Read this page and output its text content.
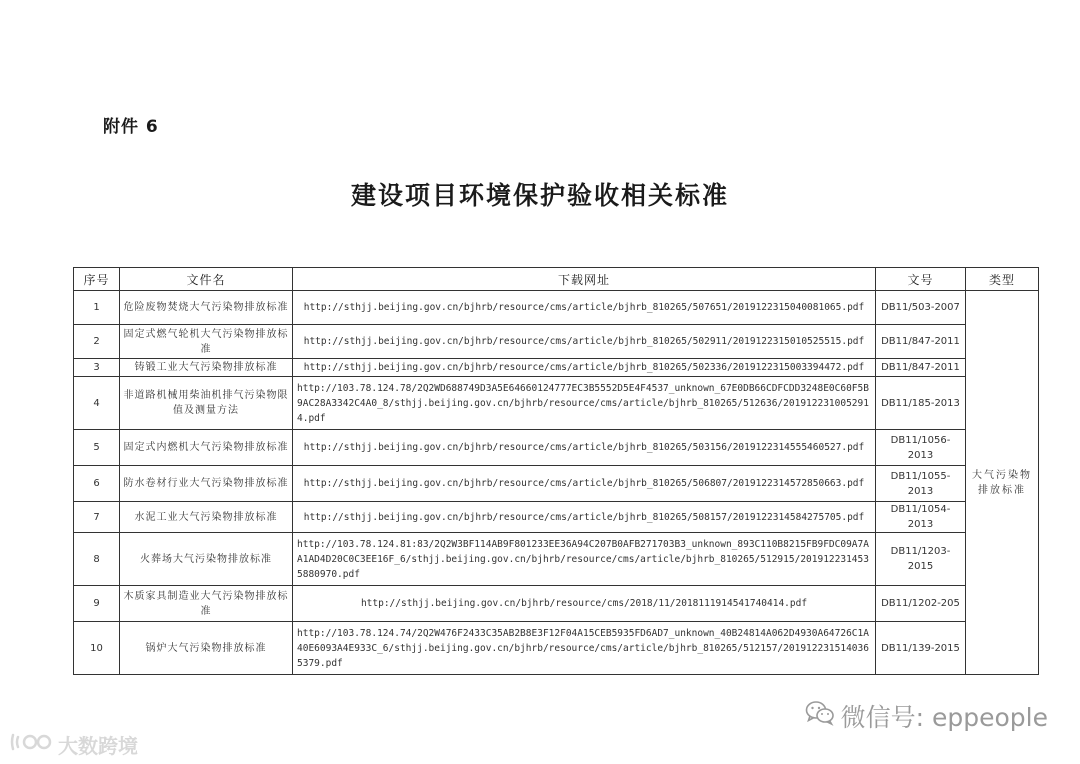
附件 6
建设项目环境保护验收相关标准
序号	文件名	下载网址	文号	类型
1	危险废物焚烧大气污染物排放标准	http://sthjj.beijing.gov.cn/bjhrb/resource/cms/article/bjhrb_810265/507651/2019122315040081065.pdf	DB11/503-2007	大气污染物排放标准
2	固定式燃气轮机大气污染物排放标准	http://sthjj.beijing.gov.cn/bjhrb/resource/cms/article/bjhrb_810265/502911/2019122315010525515.pdf	DB11/847-2011	
3	铸锻工业大气污染物排放标准	http://sthjj.beijing.gov.cn/bjhrb/resource/cms/article/bjhrb_810265/502336/2019122315003394472.pdf	DB11/847-2011	
4	非道路机械用柴油机排气污染物限值及测量方法	http://103.78.124.78/2Q2WD688749D3A5E64660124777EC3B5552D5E4F4537_unknown_67E0DB66CDFCDD3248E0C60F5B9AC28A3342C4A0_8/sthjj.beijing.gov.cn/bjhrb/resource/cms/article/bjhrb_810265/512636/2019122310052914.pdf	DB11/185-2013	
5	固定式内燃机大气污染物排放标准	http://sthjj.beijing.gov.cn/bjhrb/resource/cms/article/bjhrb_810265/503156/2019122314555460527.pdf	DB11/1056-2013	
6	防水卷材行业大气污染物排放标准	http://sthjj.beijing.gov.cn/bjhrb/resource/cms/article/bjhrb_810265/506807/2019122314572850663.pdf	DB11/1055-2013	
7	水泥工业大气污染物排放标准	http://sthjj.beijing.gov.cn/bjhrb/resource/cms/article/bjhrb_810265/508157/2019122314584275705.pdf	DB11/1054-2013	
8	火葬场大气污染物排放标准	http://103.78.124.81:83/2Q2W3BF114AB9F801233EE36A94C207B0AFB271703B3_unknown_893C110B8215FB9FDC09A7AA1AD4D20C0C3EE16F_6/sthjj.beijing.gov.cn/bjhrb/resource/cms/article/bjhrb_810265/512915/2019122314535880970.pdf	DB11/1203-2015	
9	木质家具制造业大气污染物排放标准	http://sthjj.beijing.gov.cn/bjhrb/resource/cms/2018/11/2018111914541740414.pdf	DB11/1202-205	
10	锅炉大气污染物排放标准	http://103.78.124.74/2Q2W476F2433C35AB2B8E3F12F04A15CEB5935FD6AD7_unknown_40B24814A062D4930A64726C1A40E6093A4E933C_6/sthjj.beijing.gov.cn/bjhrb/resource/cms/article/bjhrb_810265/512157/2019122315140365379.pdf	DB11/139-2015	
微信号: eppeople
大数跨境
